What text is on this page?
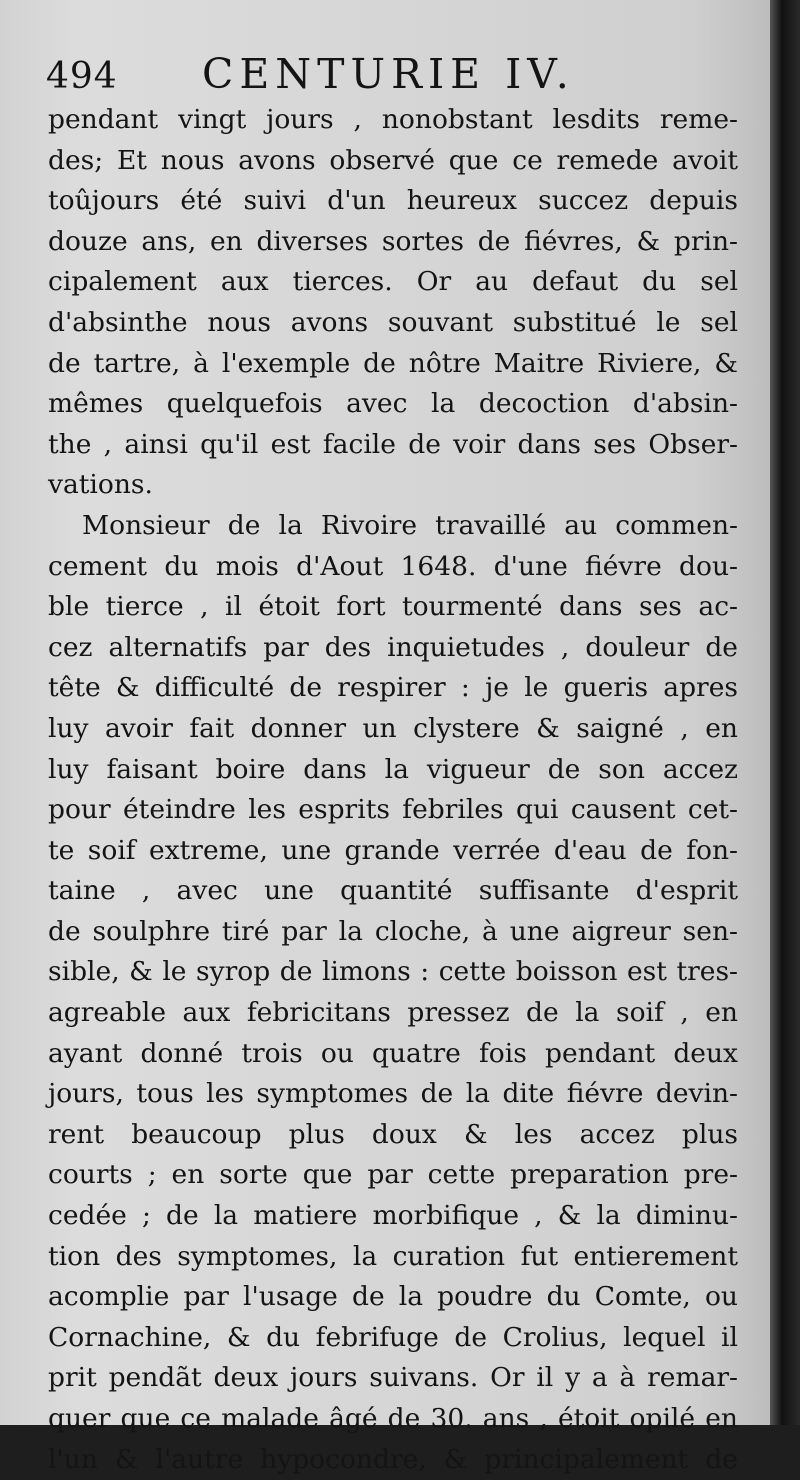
494 CENTURIE IV.
pendant vingt jours , nonobstant lesdits reme-
des; Et nous avons observé que ce remede avoit
toûjours été suivi d'un heureux succez depuis
douze ans, en diverses sortes de fiévres, & prin-
cipalement aux tierces. Or au defaut du sel
d'absinthe nous avons souvant substitué le sel
de tartre, à l'exemple de nôtre Maitre Riviere, &
mêmes quelquefois avec la decoction d'absin-
the , ainsi qu'il est facile de voir dans ses Obser-
vations.
Monsieur de la Rivoire travaillé au commen-
cement du mois d'Aout 1648. d'une fiévre dou-
ble tierce , il étoit fort tourmenté dans ses ac-
cez alternatifs par des inquietudes , douleur de
tête & difficulté de respirer : je le gueris apres
luy avoir fait donner un clystere & saigné , en
luy faisant boire dans la vigueur de son accez
pour éteindre les esprits febriles qui causent cet-
te soif extreme, une grande verrée d'eau de fon-
taine , avec une quantité suffisante d'esprit
de soulphre tiré par la cloche, à une aigreur sen-
sible, & le syrop de limons : cette boisson est tres-
agreable aux febricitans pressez de la soif , en
ayant donné trois ou quatre fois pendant deux
jours, tous les symptomes de la dite fiévre devin-
rent beaucoup plus doux & les accez plus
courts ; en sorte que par cette preparation pre-
cedée ; de la matiere morbifique , & la diminu-
tion des symptomes, la curation fut entierement
acomplie par l'usage de la poudre du Comte, ou
Cornachine, & du febrifuge de Crolius, lequel il
prit pendãt deux jours suivans. Or il y a à remar-
quer que ce malade âgé de 30. ans , étoit opilé en
l'un & l'autre hypocondre, & principalement de
